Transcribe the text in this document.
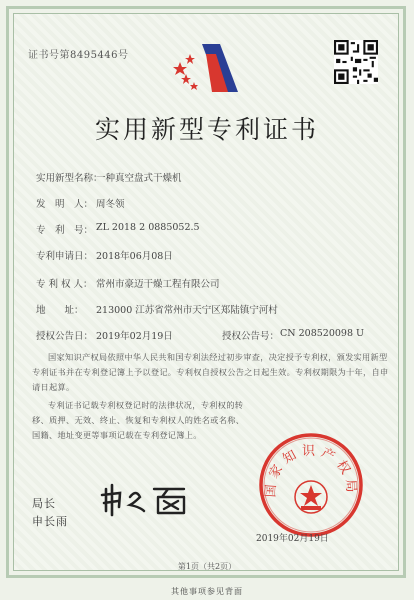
证书号第8495446号
实用新型专利证书
实用新型名称：
一种真空盘式干燥机
发　明　人： 周冬领
专　利　号： ZL 2018 2 0885052.5
专利申请日： 2018年06月08日
专 利 权 人： 常州市豪迈干燥工程有限公司
地　　址： 213000 江苏省常州市天宁区郑陆镇宁河村
授权公告日： 2019年02月19日	授权公告号： CN 208520098 U
国家知识产权局依照中华人民共和国专利法经过初步审查，决定授予专利权，颁发实用新型专利证书并在专利登记簿上予以登记。专利权自授权公告之日起生效。专利权期限为十年，自申请日起算。
专利证书记载专利权登记时的法律状况，专利权的转移、质押、无效、终止、恢复和专利权人的姓名或名称、国籍、地址变更等事项记载在专利登记簿上。
局长
申长雨
国家知识产权局
2019年02月19日
第1页（共2页）
其他事项参见背面
